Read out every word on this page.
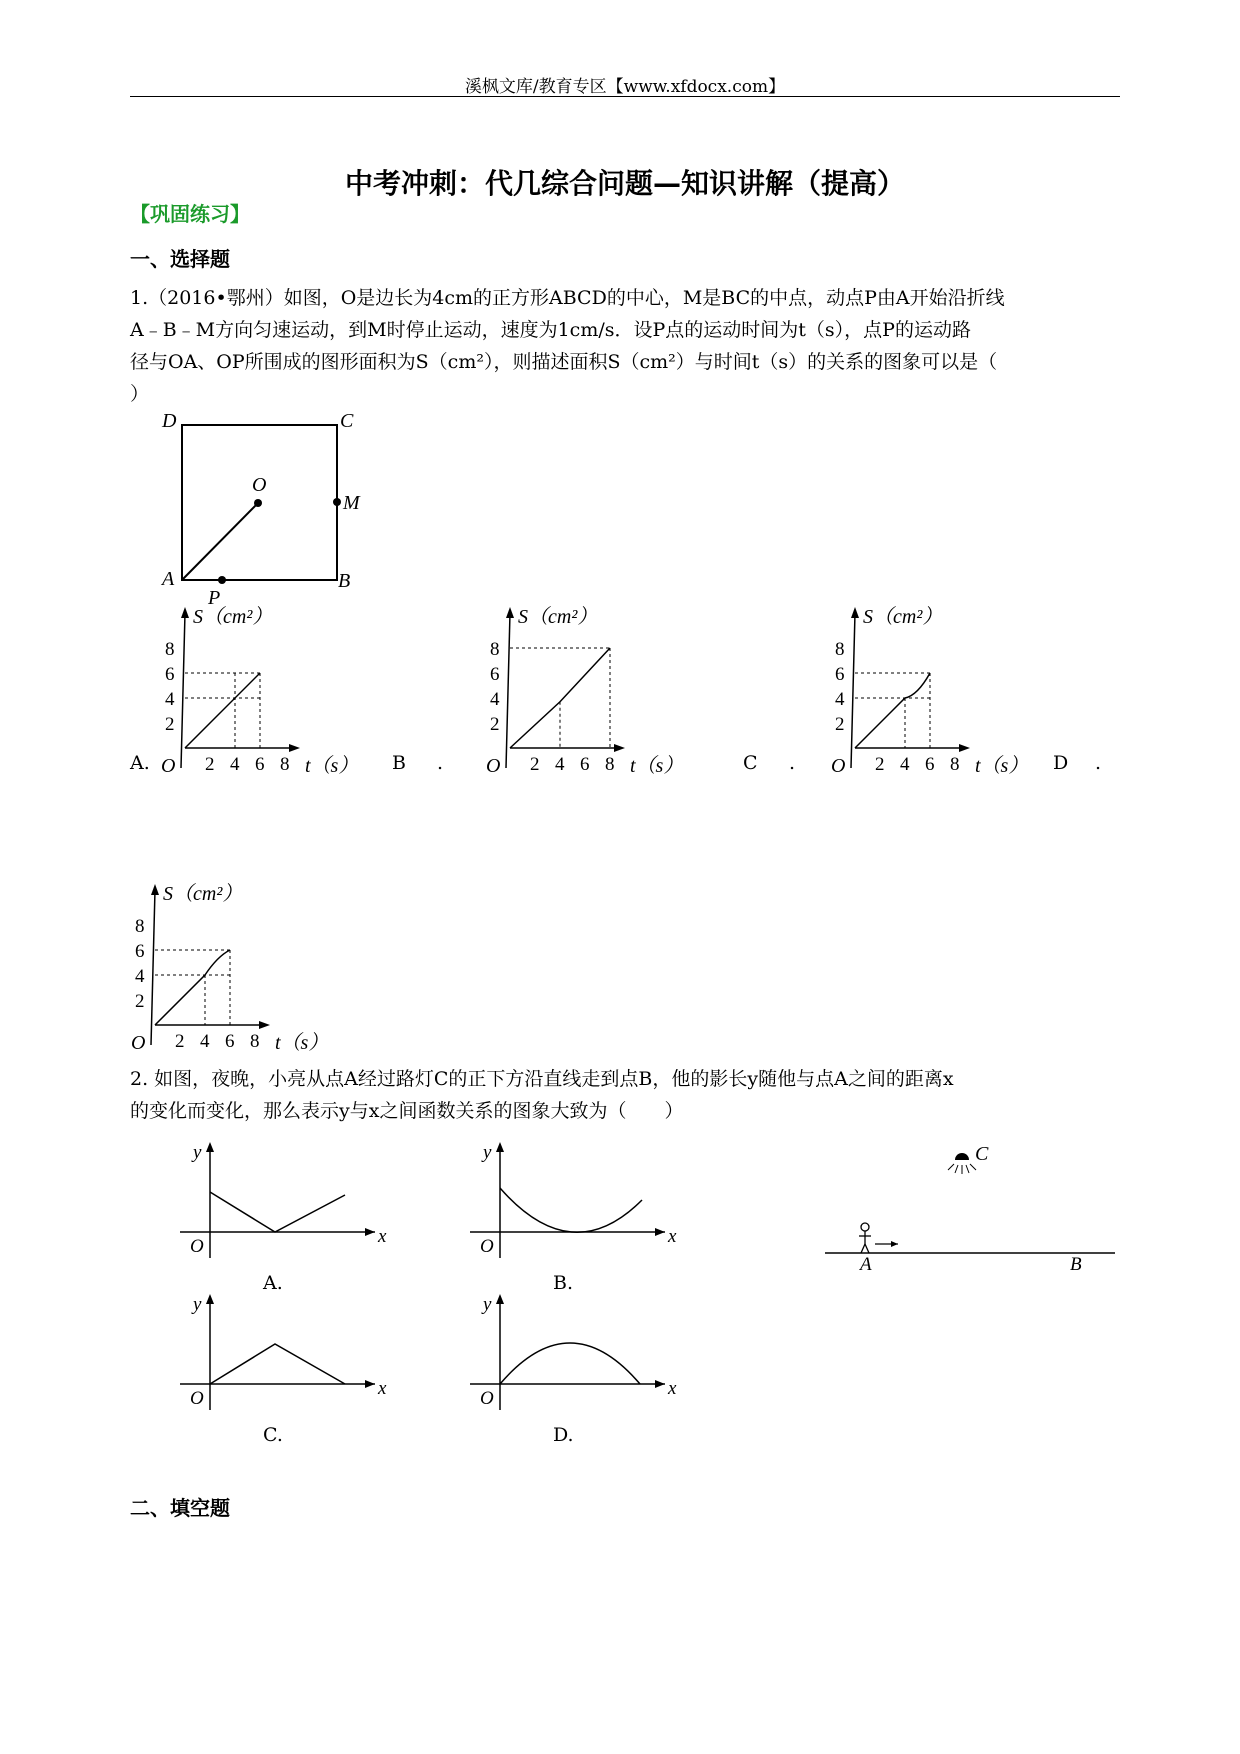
溪枫文库/教育专区【www.xfdocx.com】
中考冲刺：代几综合问题—知识讲解（提高）
【巩固练习】
一、选择题
1.（2016•鄂州）如图，O是边长为4cm的正方形ABCD的中心，M是BC的中点，动点P由A开始沿折线
A﹣B﹣M方向匀速运动，到M时停止运动，速度为1cm/s．设P点的运动时间为t（s），点P的运动路
径与OA、OP所围成的图形面积为S（cm²），则描述面积S（cm²）与时间t（s）的关系的图象可以是（
）
D	C
O
M
A	B
P
S（cm²）
t（s）
O
8
6
4
2
2 4 6 8
S（cm²）
t（s）
O
8
6
4
2
2 4 6 8
S（cm²）
t（s）
O
8
6
4
2
2 4 6 8
S（cm²）
t（s）
O
8
6
4
2
2 4 6 8
A.	B .	C .	D .
2. 如图，夜晚，小亮从点A经过路灯C的正下方沿直线走到点B，他的影长y随他与点A之间的距离x
的变化而变化，那么表示y与x之间函数关系的图象大致为（　　）
y
x
O
A.
y
x
O
B.
y
x
O
C.
y
x
O
D.
C
A	B
二、填空题
